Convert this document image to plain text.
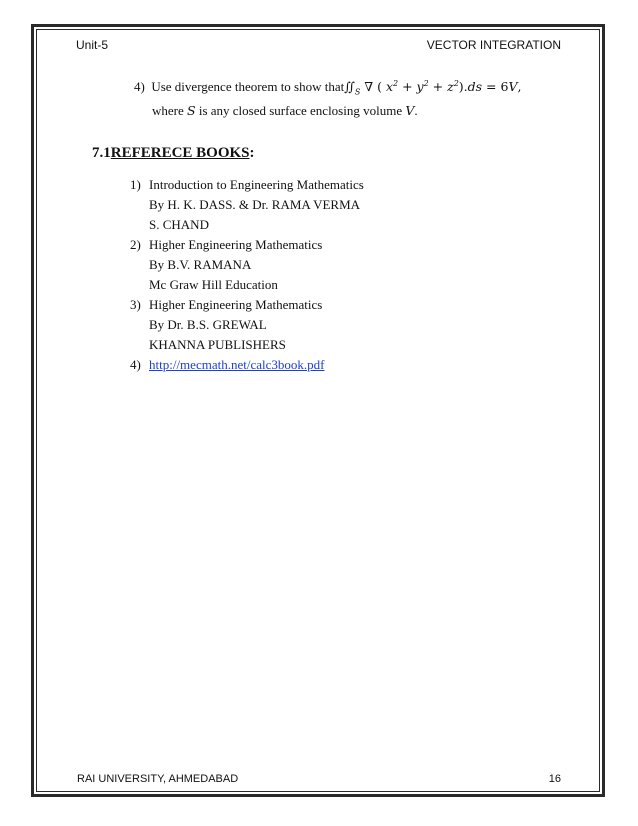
Unit-5	VECTOR INTEGRATION
4) Use divergence theorem to show $that∬_S$ ∇ ( $x^2 + y^2 + z^2).ds = 6V$,
where S is any closed surface enclosing volume V.
7.1REFERECE BOOKS:
1) Introduction to Engineering Mathematics
By H. K. DASS. & Dr. RAMA VERMA
S. CHAND
2) Higher Engineering Mathematics
By B.V. RAMANA
Mc Graw Hill Education
3) Higher Engineering Mathematics
By Dr. B.S. GREWAL
KHANNA PUBLISHERS
4) http://mecmath.net/calc3book.pdf
RAI UNIVERSITY, AHMEDABAD	16
